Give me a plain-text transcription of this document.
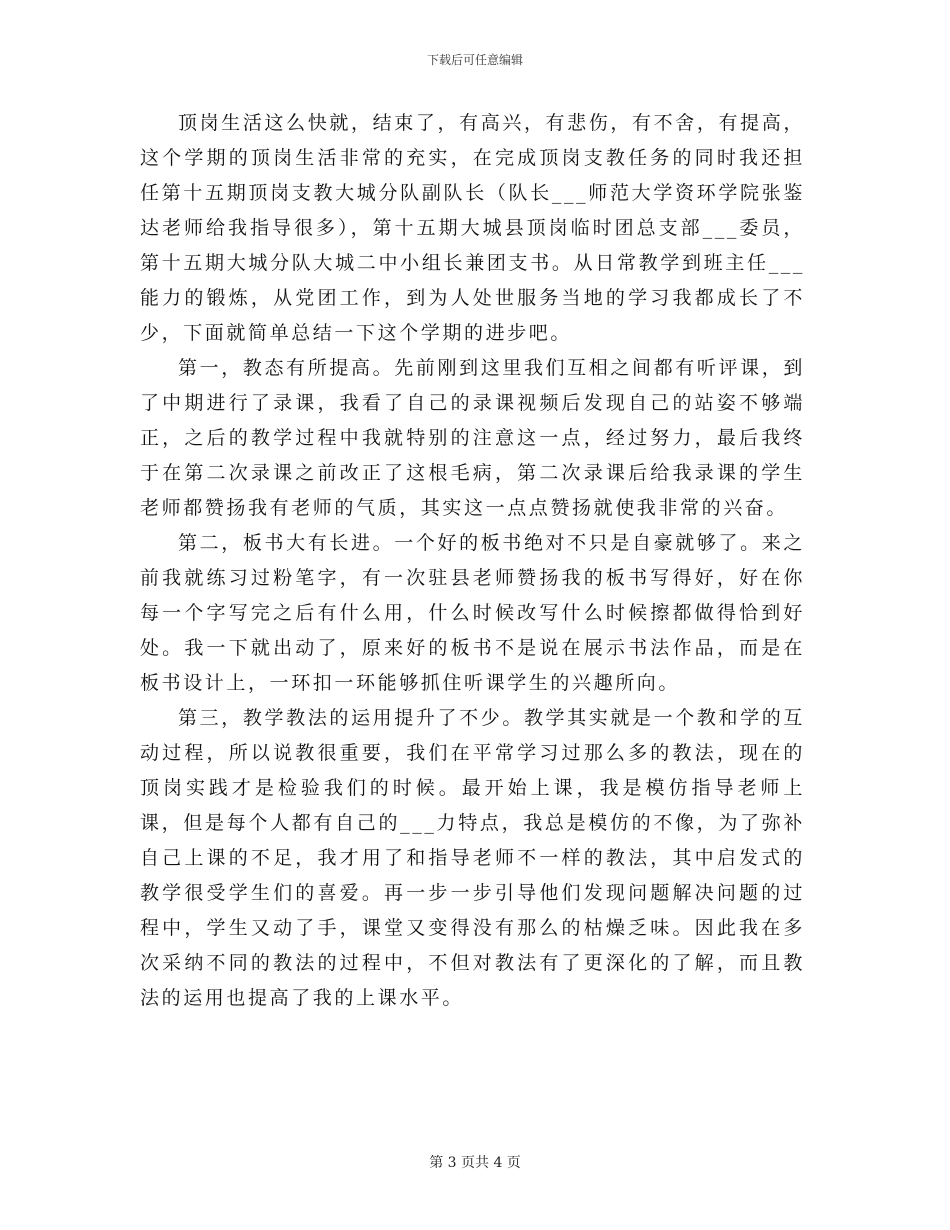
下载后可任意编辑

顶岗生活这么快就，结束了，有高兴，有悲伤，有不舍，有提高，这个学期的顶岗生活非常的充实，在完成顶岗支教任务的同时我还担任第十五期顶岗支教大城分队副队长（队长___师范大学资环学院张鉴达老师给我指导很多），第十五期大城县顶岗临时团总支部___委员，第十五期大城分队大城二中小组长兼团支书。从日常教学到班主任___能力的锻炼，从党团工作，到为人处世服务当地的学习我都成长了不少，下面就简单总结一下这个学期的进步吧。

第一，教态有所提高。先前刚到这里我们互相之间都有听评课，到了中期进行了录课，我看了自己的录课视频后发现自己的站姿不够端正，之后的教学过程中我就特别的注意这一点，经过努力，最后我终于在第二次录课之前改正了这根毛病，第二次录课后给我录课的学生老师都赞扬我有老师的气质，其实这一点点赞扬就使我非常的兴奋。

第二，板书大有长进。一个好的板书绝对不只是自豪就够了。来之前我就练习过粉笔字，有一次驻县老师赞扬我的板书写得好，好在你每一个字写完之后有什么用，什么时候改写什么时候擦都做得恰到好处。我一下就出动了，原来好的板书不是说在展示书法作品，而是在板书设计上，一环扣一环能够抓住听课学生的兴趣所向。

第三，教学教法的运用提升了不少。教学其实就是一个教和学的互动过程，所以说教很重要，我们在平常学习过那么多的教法，现在的顶岗实践才是检验我们的时候。最开始上课，我是模仿指导老师上课，但是每个人都有自己的___力特点，我总是模仿的不像，为了弥补自己上课的不足，我才用了和指导老师不一样的教法，其中启发式的教学很受学生们的喜爱。再一步一步引导他们发现问题解决问题的过程中，学生又动了手，课堂又变得没有那么的枯燥乏味。因此我在多次采纳不同的教法的过程中，不但对教法有了更深化的了解，而且教法的运用也提高了我的上课水平。

第 3 页共 4 页
